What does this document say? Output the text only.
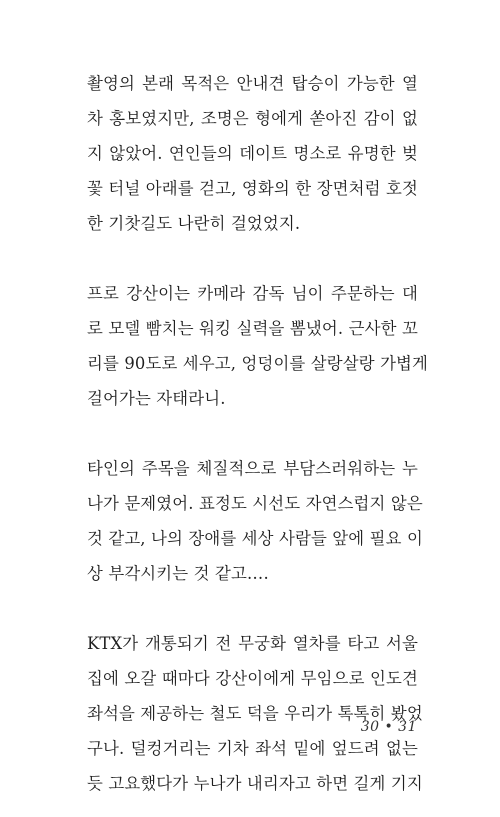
촬영의 본래 목적은 안내견 탑승이 가능한 열
차 홍보였지만, 조명은 형에게 쏟아진 감이 없
지 않았어. 연인들의 데이트 명소로 유명한 벚
꽃 터널 아래를 걷고, 영화의 한 장면처럼 호젓
한 기찻길도 나란히 걸었었지.
프로 강산이는 카메라 감독 님이 주문하는 대
로 모델 빰치는 워킹 실력을 뽐냈어. 근사한 꼬
리를 90도로 세우고, 엉덩이를 살랑살랑 가볍게
걸어가는 자태라니.
타인의 주목을 체질적으로 부담스러워하는 누
나가 문제였어. 표정도 시선도 자연스럽지 않은
것 같고, 나의 장애를 세상 사람들 앞에 필요 이
상 부각시키는 것 같고….
KTX가 개통되기 전 무궁화 열차를 타고 서울
집에 오갈 때마다 강산이에게 무임으로 인도견
좌석을 제공하는 철도 덕을 우리가 톡톡히 봤었
구나. 덜컹거리는 기차 좌석 밑에 엎드려 없는
듯 고요했다가 누나가 내리자고 하면 길게 기지
30 • 31
